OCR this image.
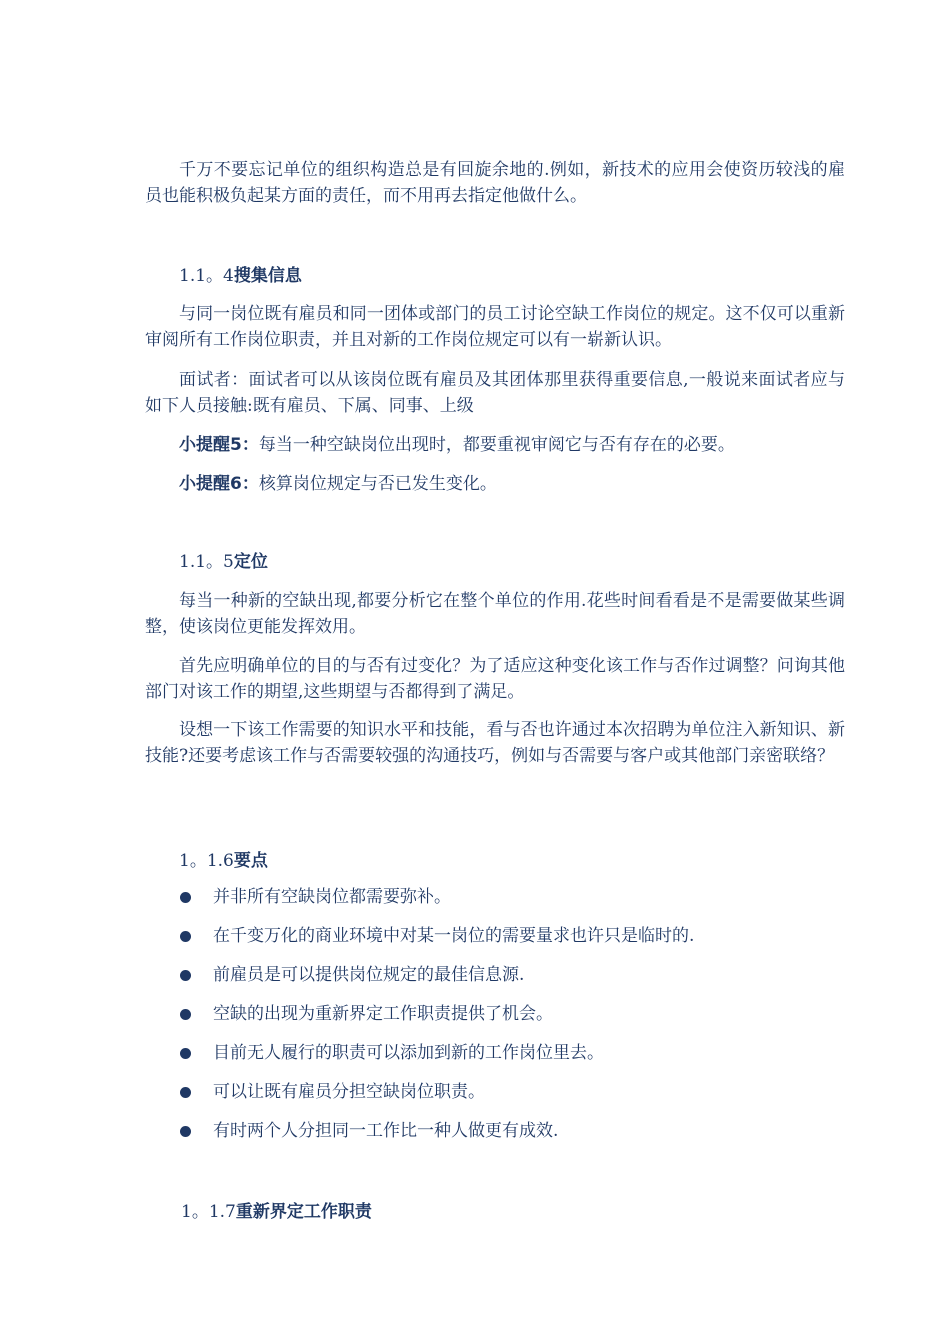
千万不要忘记单位的组织构造总是有回旋余地的.例如，新技术的应用会使资历较浅的雇员也能积极负起某方面的责任，而不用再去指定他做什么。

1.1。4搜集信息

与同一岗位既有雇员和同一团体或部门的员工讨论空缺工作岗位的规定。这不仅可以重新审阅所有工作岗位职责，并且对新的工作岗位规定可以有一崭新认识。

面试者：面试者可以从该岗位既有雇员及其团体那里获得重要信息,一般说来面试者应与如下人员接触:既有雇员、下属、同事、上级

小提醒5：每当一种空缺岗位出现时，都要重视审阅它与否有存在的必要。

小提醒6：核算岗位规定与否已发生变化。

1.1。5定位

每当一种新的空缺出现,都要分析它在整个单位的作用.花些时间看看是不是需要做某些调整，使该岗位更能发挥效用。

首先应明确单位的目的与否有过变化？为了适应这种变化该工作与否作过调整？问询其他部门对该工作的期望,这些期望与否都得到了满足。

设想一下该工作需要的知识水平和技能，看与否也许通过本次招聘为单位注入新知识、新技能?还要考虑该工作与否需要较强的沟通技巧，例如与否需要与客户或其他部门亲密联络？

1。1.6要点
并非所有空缺岗位都需要弥补。
在千变万化的商业环境中对某一岗位的需要量求也许只是临时的.
前雇员是可以提供岗位规定的最佳信息源.
空缺的出现为重新界定工作职责提供了机会。
目前无人履行的职责可以添加到新的工作岗位里去。
可以让既有雇员分担空缺岗位职责。
有时两个人分担同一工作比一种人做更有成效.
1。1.7重新界定工作职责
